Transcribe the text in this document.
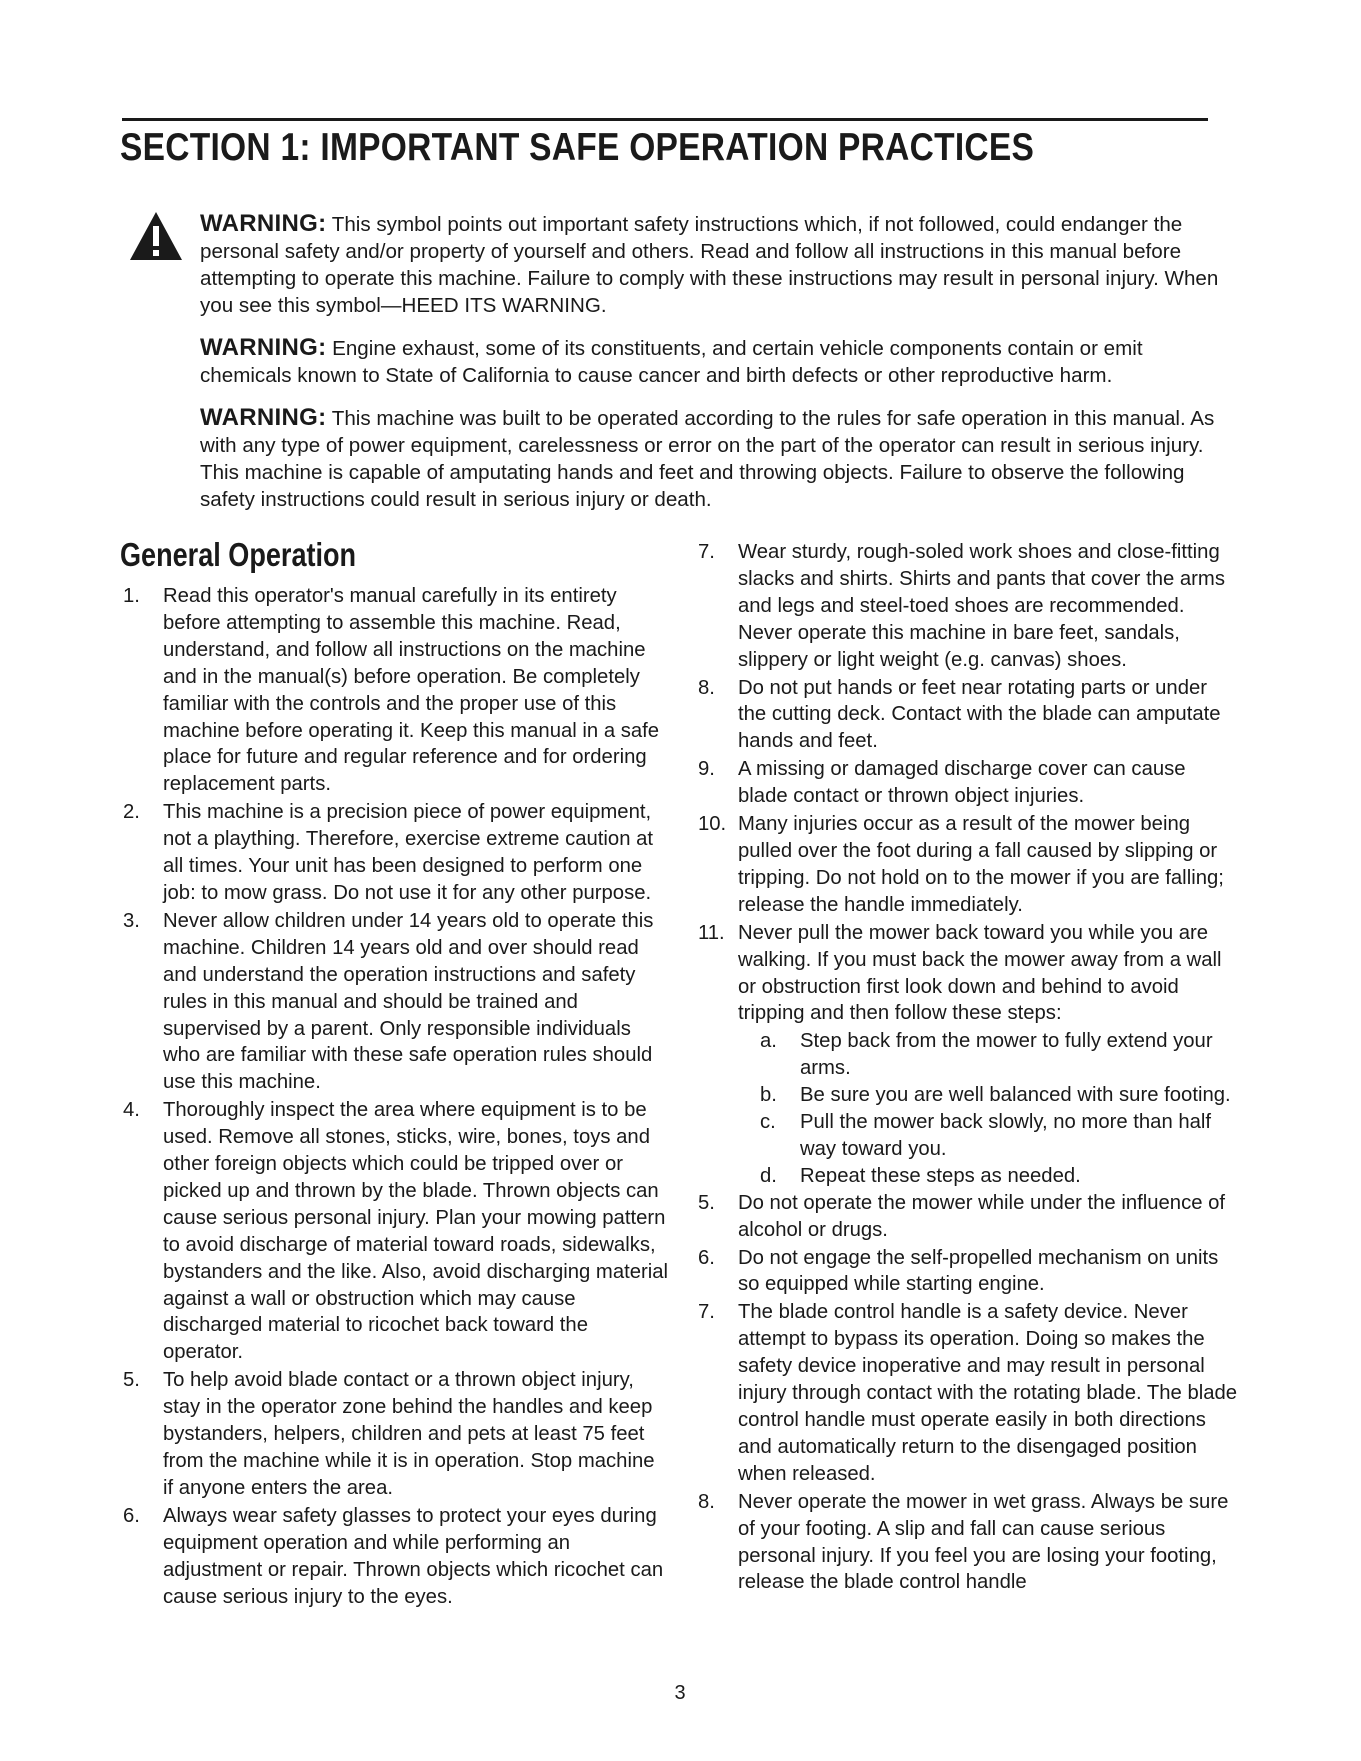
SECTION 1: IMPORTANT SAFE OPERATION PRACTICES

WARNING: This symbol points out important safety instructions which, if not followed, could endanger the personal safety and/or property of yourself and others. Read and follow all instructions in this manual before attempting to operate this machine. Failure to comply with these instructions may result in personal injury. When you see this symbol—HEED ITS WARNING.

WARNING: Engine exhaust, some of its constituents, and certain vehicle components contain or emit chemicals known to State of California to cause cancer and birth defects or other reproductive harm.

WARNING: This machine was built to be operated according to the rules for safe operation in this manual. As with any type of power equipment, carelessness or error on the part of the operator can result in serious injury. This machine is capable of amputating hands and feet and throwing objects. Failure to observe the following safety instructions could result in serious injury or death.

General Operation
1.	Read this operator's manual carefully in its entirety before attempting to assemble this machine. Read, understand, and follow all instructions on the machine and in the manual(s) before operation. Be completely familiar with the controls and the proper use of this machine before operating it. Keep this manual in a safe place for future and regular reference and for ordering replacement parts.
2.	This machine is a precision piece of power equipment, not a plaything. Therefore, exercise extreme caution at all times. Your unit has been designed to perform one job: to mow grass. Do not use it for any other purpose.
3.	Never allow children under 14 years old to operate this machine. Children 14 years old and over should read and understand the operation instructions and safety rules in this manual and should be trained and supervised by a parent. Only responsible individuals who are familiar with these safe operation rules should use this machine.
4.	Thoroughly inspect the area where equipment is to be used. Remove all stones, sticks, wire, bones, toys and other foreign objects which could be tripped over or picked up and thrown by the blade. Thrown objects can cause serious personal injury. Plan your mowing pattern to avoid discharge of material toward roads, sidewalks, bystanders and the like. Also, avoid discharging material against a wall or obstruction which may cause discharged material to ricochet back toward the operator.
5.	To help avoid blade contact or a thrown object injury, stay in the operator zone behind the handles and keep bystanders, helpers, children and pets at least 75 feet from the machine while it is in operation. Stop machine if anyone enters the area.
6.	Always wear safety glasses to protect your eyes during equipment operation and while performing an adjustment or repair. Thrown objects which ricochet can cause serious injury to the eyes.
7.	Wear sturdy, rough-soled work shoes and close-fitting slacks and shirts. Shirts and pants that cover the arms and legs and steel-toed shoes are recommended. Never operate this machine in bare feet, sandals, slippery or light weight (e.g. canvas) shoes.
8.	Do not put hands or feet near rotating parts or under the cutting deck. Contact with the blade can amputate hands and feet.
9.	A missing or damaged discharge cover can cause blade contact or thrown object injuries.
10. Many injuries occur as a result of the mower being pulled over the foot during a fall caused by slipping or tripping. Do not hold on to the mower if you are falling; release the handle immediately.
11. Never pull the mower back toward you while you are walking. If you must back the mower away from a wall or obstruction first look down and behind to avoid tripping and then follow these steps:
a.	Step back from the mower to fully extend your arms.
b.	Be sure you are well balanced with sure footing.
c.	Pull the mower back slowly, no more than half way toward you.
d.	Repeat these steps as needed.
5.	Do not operate the mower while under the influence of alcohol or drugs.
6.	Do not engage the self-propelled mechanism on units so equipped while starting engine.
7.	The blade control handle is a safety device. Never attempt to bypass its operation. Doing so makes the safety device inoperative and may result in personal injury through contact with the rotating blade. The blade control handle must operate easily in both directions and automatically return to the disengaged position when released.
8.	Never operate the mower in wet grass. Always be sure of your footing. A slip and fall can cause serious personal injury. If you feel you are losing your footing, release the blade control handle
3
